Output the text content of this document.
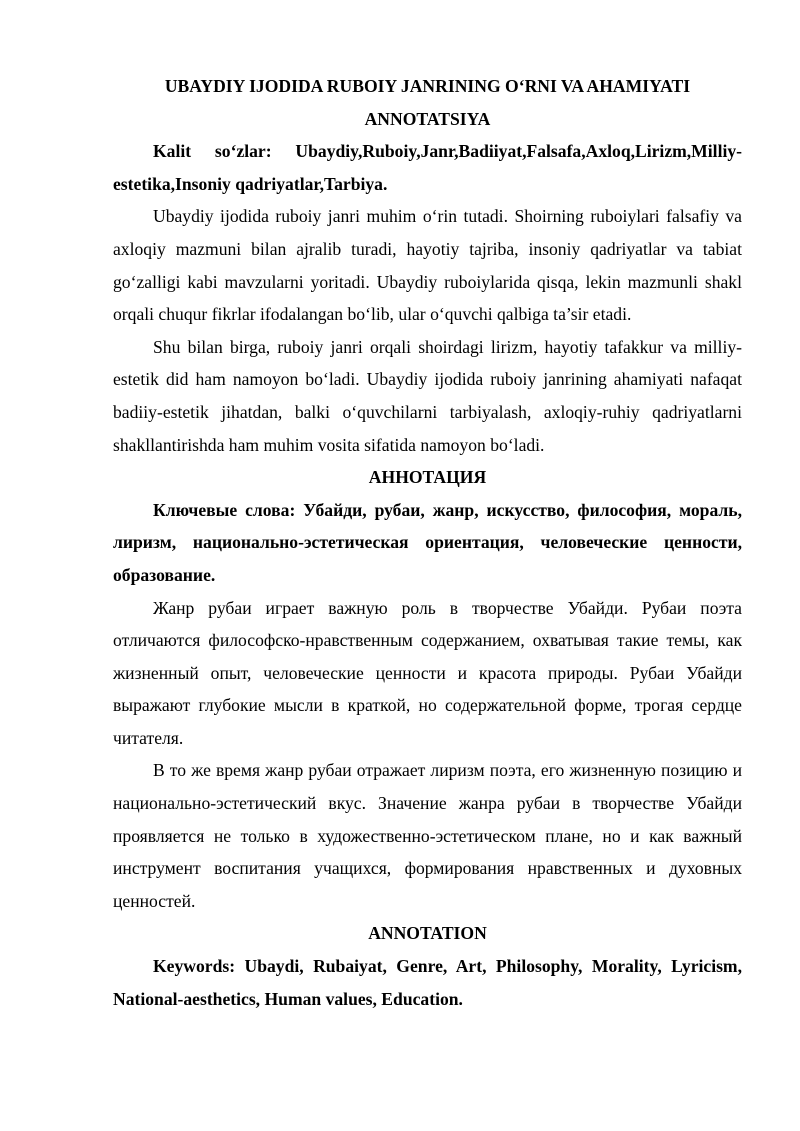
UBAYDIY IJODIDA RUBOIY JANRINING O‘RNI VA AHAMIYATI

ANNOTATSIYA

Kalit so‘zlar: Ubaydiy,Ruboiy,Janr,Badiiyat,Falsafa,Axloq,Lirizm,Milliy-estetika,Insoniy qadriyatlar,Tarbiya.

Ubaydiy ijodida ruboiy janri muhim o‘rin tutadi. Shoirning ruboiylari falsafiy va axloqiy mazmuni bilan ajralib turadi, hayotiy tajriba, insoniy qadriyatlar va tabiat go‘zalligi kabi mavzularni yoritadi. Ubaydiy ruboiylarida qisqa, lekin mazmunli shakl orqali chuqur fikrlar ifodalangan bo‘lib, ular o‘quvchi qalbiga ta’sir etadi.

Shu bilan birga, ruboiy janri orqali shoirdagi lirizm, hayotiy tafakkur va milliy-estetik did ham namoyon bo‘ladi. Ubaydiy ijodida ruboiy janrining ahamiyati nafaqat badiiy-estetik jihatdan, balki o‘quvchilarni tarbiyalash, axloqiy-ruhiy qadriyatlarni shakllantirishda ham muhim vosita sifatida namoyon bo‘ladi.

АННОТАЦИЯ

Ключевые слова: Убайди, рубаи, жанр, искусство, философия, мораль, лиризм, национально-эстетическая ориентация, человеческие ценности, образование.

Жанр рубаи играет важную роль в творчестве Убайди. Рубаи поэта отличаются философско-нравственным содержанием, охватывая такие темы, как жизненный опыт, человеческие ценности и красота природы. Рубаи Убайди выражают глубокие мысли в краткой, но содержательной форме, трогая сердце читателя.

В то же время жанр рубаи отражает лиризм поэта, его жизненную позицию и национально-эстетический вкус. Значение жанра рубаи в творчестве Убайди проявляется не только в художественно-эстетическом плане, но и как важный инструмент воспитания учащихся, формирования нравственных и духовных ценностей.

ANNOTATION

Keywords: Ubaydi, Rubaiyat, Genre, Art, Philosophy, Morality, Lyricism, National-aesthetics, Human values, Education.
